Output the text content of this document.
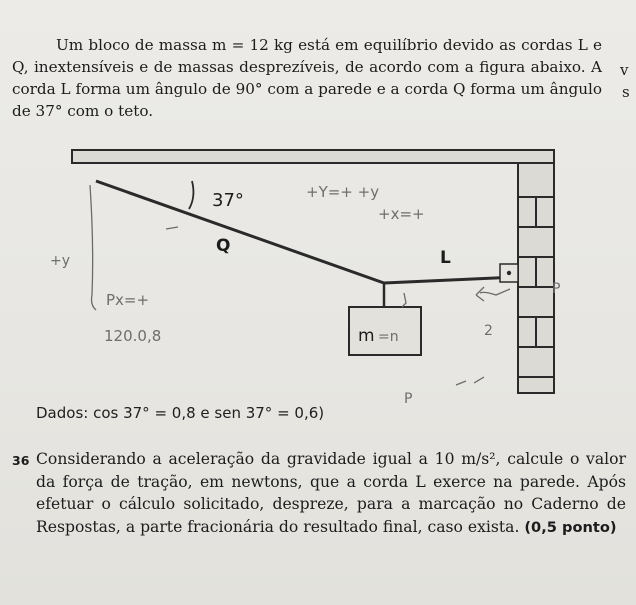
Um bloco de massa m = 12 kg está em equilíbrio devido as cordas L e Q, inextensíveis e de massas desprezíveis, de acordo com a figura abaixo. A corda L forma um ângulo de 90° com a parede e a corda Q forma um ângulo de 37° com o teto.
v
s
37°
Q
L
m
+Y=+ +y
+x=+
+y
Px=+
120.0,8	=n
P
P
2
Dados: cos 37° = 0,8 e sen 37° = 0,6)
36 Considerando a aceleração da gravidade igual a 10 m/s², calcule o valor da força de tração, em newtons, que a corda L exerce na parede. Após efetuar o cálculo solicitado, despreze, para a marcação no Caderno de Respostas, a parte fracionária do resultado final, caso exista. (0,5 ponto)
